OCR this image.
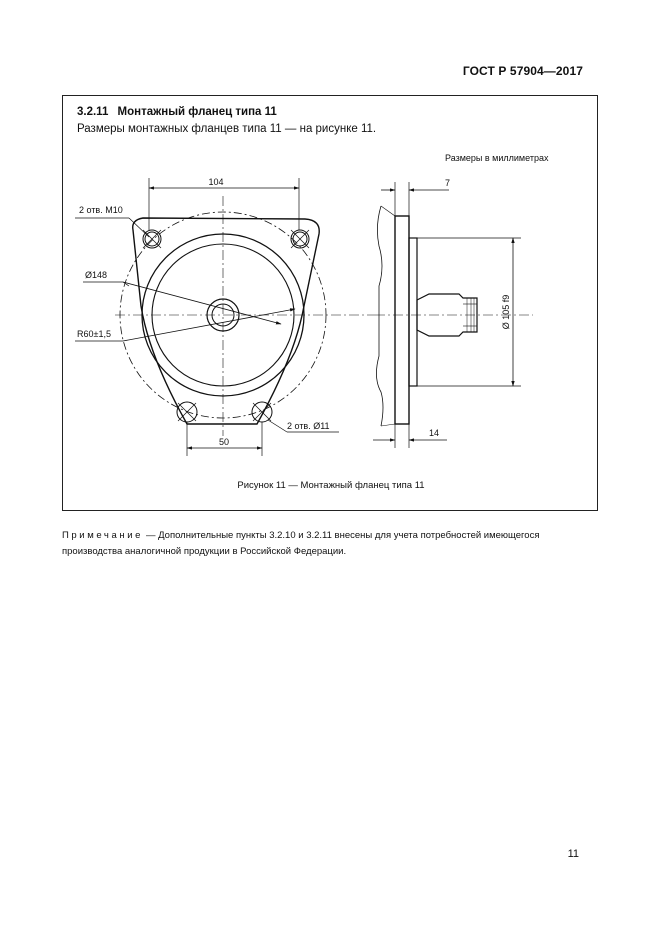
ГОСТ Р 57904—2017
3.2.11 Монтажный фланец типа 11
Размеры монтажных фланцев типа 11 — на рисунке 11.
Размеры в миллиметрах
104
2 отв. М10
Ø148
R60±1,5
2 отв. Ø11
50
7
Ø 105 f9
14
Рисунок 11 — Монтажный фланец типа 11
Примечание — Дополнительные пункты 3.2.10 и 3.2.11 внесены для учета потребностей имеющегося производства аналогичной продукции в Российской Федерации.
11
